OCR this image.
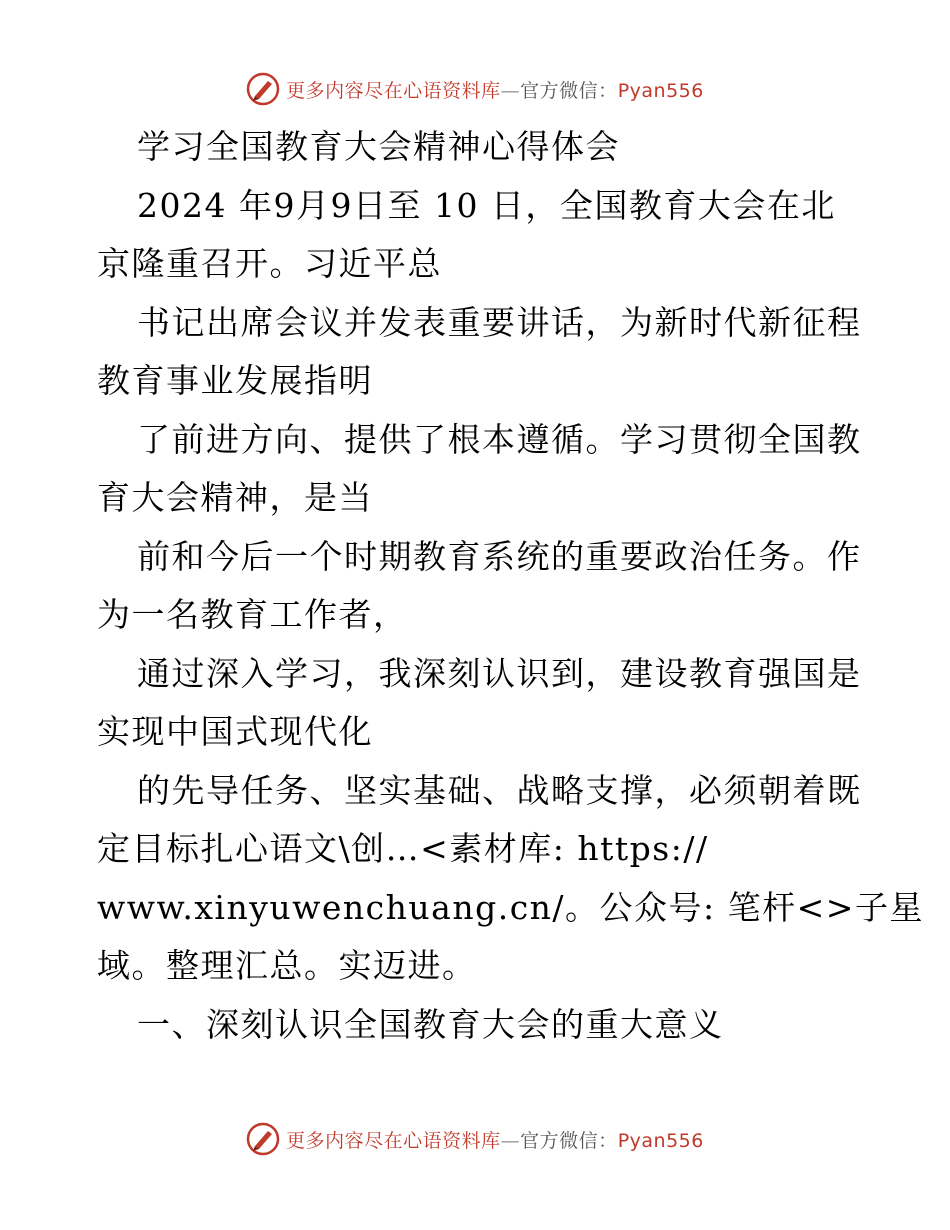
更多内容尽在心语资料库—官方微信：Pyan556
学习全国教育大会精神心得体会
2024 年9月9日至 10 日，全国教育大会在北
京隆重召开。习近平总
书记出席会议并发表重要讲话，为新时代新征程
教育事业发展指明
了前进方向、提供了根本遵循。学习贯彻全国教
育大会精神，是当
前和今后一个时期教育系统的重要政治任务。作
为一名教育工作者，
通过深入学习，我深刻认识到，建设教育强国是
实现中国式现代化
的先导任务、坚实基础、战略支撑，必须朝着既
定目标扎心语文\创…<素材库: https://
www.xinyuwenchuang.cn/。公众号: 笔杆<>子星
域。整理汇总。实迈进。
一、深刻认识全国教育大会的重大意义
更多内容尽在心语资料库—官方微信：Pyan556
